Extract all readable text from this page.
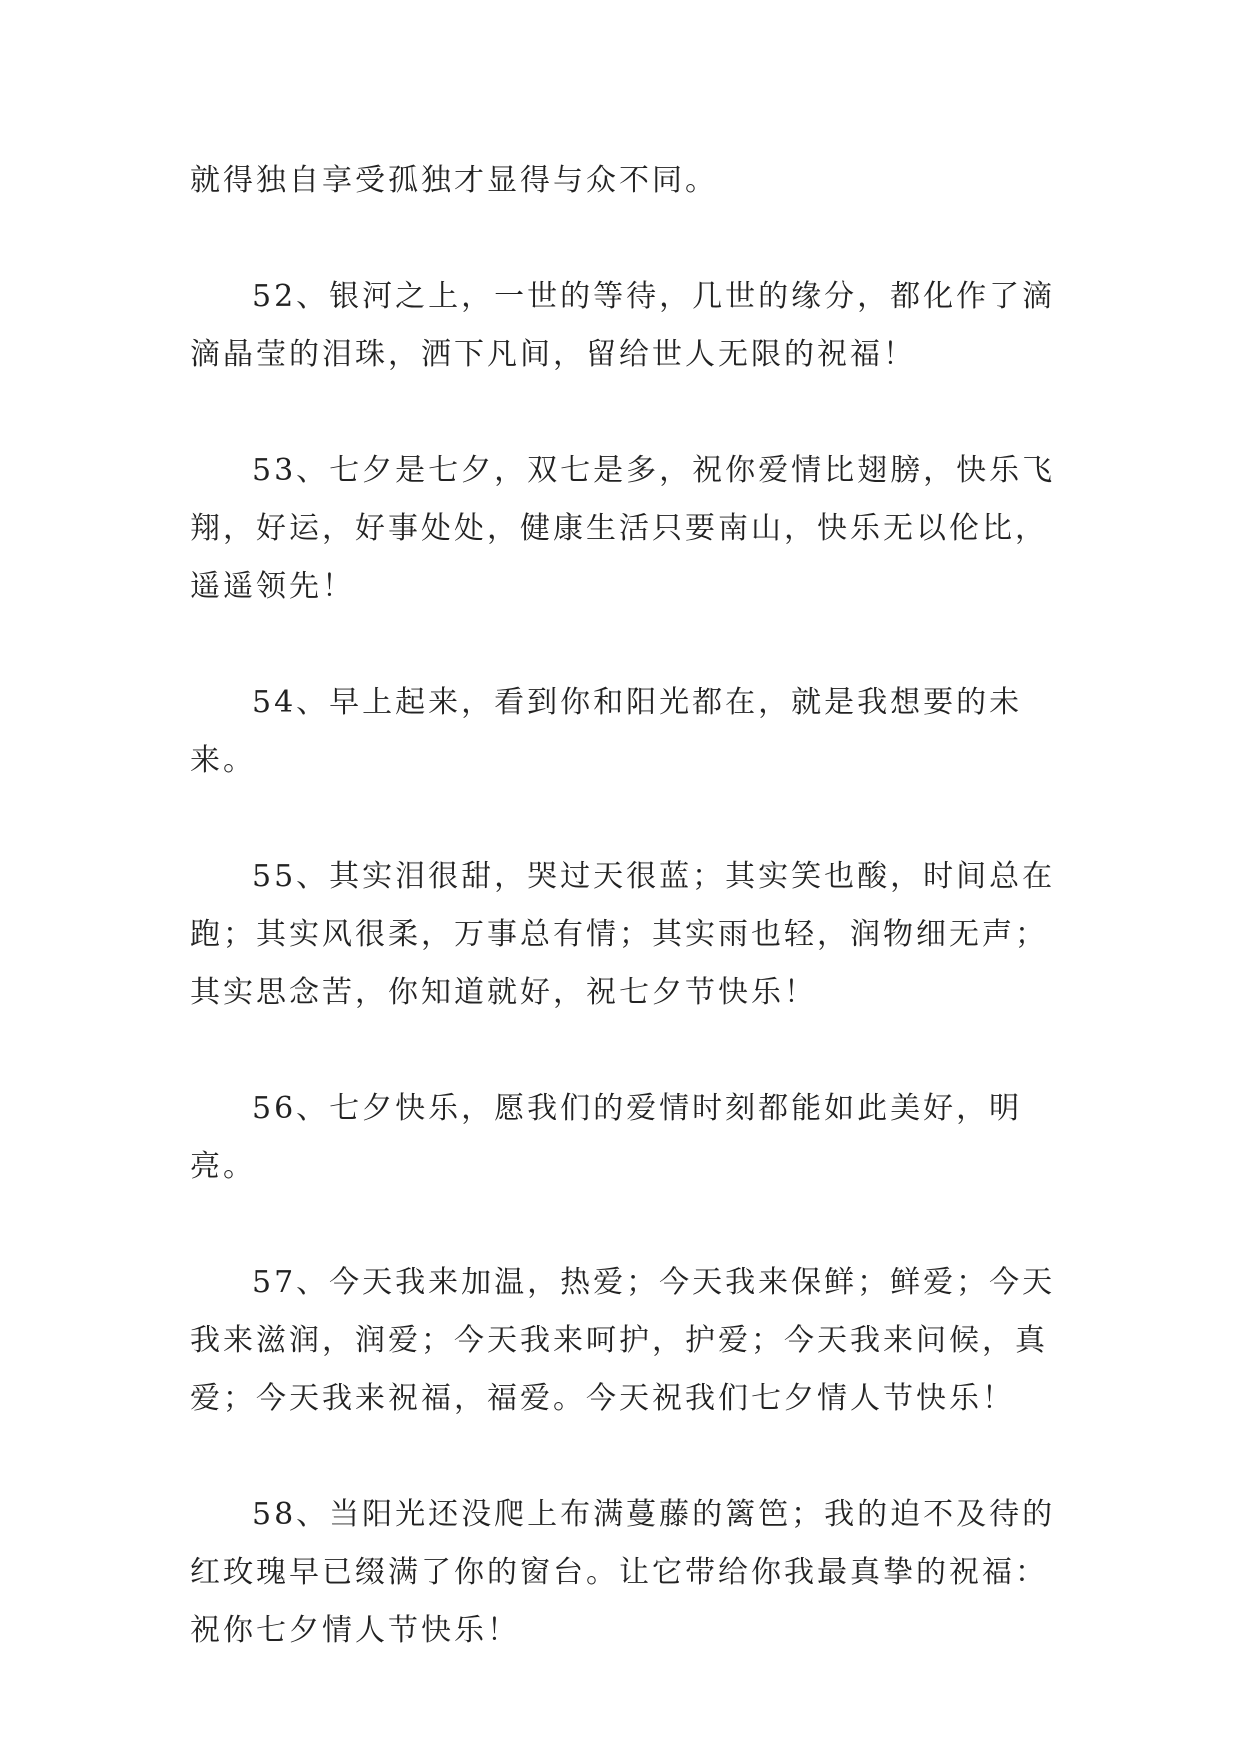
就得独自享受孤独才显得与众不同。

52、银河之上，一世的等待，几世的缘分，都化作了滴滴晶莹的泪珠，洒下凡间，留给世人无限的祝福！

53、七夕是七夕，双七是多，祝你爱情比翅膀，快乐飞翔，好运，好事处处，健康生活只要南山，快乐无以伦比，遥遥领先！

54、早上起来，看到你和阳光都在，就是我想要的未来。

55、其实泪很甜，哭过天很蓝；其实笑也酸，时间总在跑；其实风很柔，万事总有情；其实雨也轻，润物细无声；其实思念苦，你知道就好，祝七夕节快乐！

56、七夕快乐，愿我们的爱情时刻都能如此美好，明亮。

57、今天我来加温，热爱；今天我来保鲜；鲜爱；今天我来滋润，润爱；今天我来呵护，护爱；今天我来问候，真爱；今天我来祝福，福爱。今天祝我们七夕情人节快乐！

58、当阳光还没爬上布满蔓藤的篱笆；我的迫不及待的红玫瑰早已缀满了你的窗台。让它带给你我最真挚的祝福：祝你七夕情人节快乐！
